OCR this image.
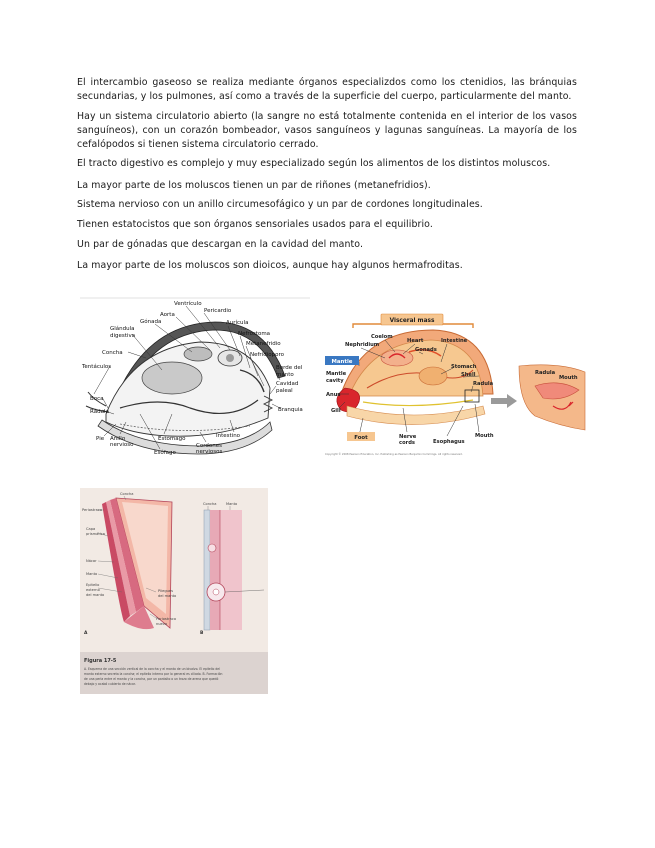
El intercambio gaseoso se realiza mediante órganos especializdos como los ctenidios, las bránquias secundarias, y los pulmones, así como a través de la superficie del cuerpo, particularmente del manto.

Hay un sistema circulatorio abierto (la sangre no está totalmente contenida en el interior de los vasos sanguíneos), con un corazón bombeador, vasos sanguíneos y lagunas sanguíneas. La mayoría de los cefalópodos si tienen sistema circulatorio cerrado.

El tracto digestivo es complejo y muy especializado según los alimentos de los distintos moluscos.

La mayor parte de los moluscos tienen un par de riñones (metanefridios).

Sistema nervioso con un anillo circumesofágico y un par de cordones longitudinales.

Tienen estatocistos que son órganos sensoriales usados para el equilibrio.

Un par de gónadas que descargan en la cavidad del manto.

La mayor parte de los moluscos son dioicos, aunque hay algunos hermafroditas.

Ventrículo
Aorta
Pericardio
Gónada	Aurícula
Glándula
digestiva	Nefrostoma
Metanefridio
Concha	Nefridioporo
Tentáculos	Borde del
manto
Cavidad
paleal
Boca
Branquia
Rádula
Intestino
Pie Anillo
nervioso
Estómago
Cordones
nerviosos
Esófago
Visceral mass
Radula
Mouth
Coelom
Nephridium
Heart	Intestine
Gonads
Stomach
Shell
Radula
Mantle
cavity
Anus
Gill
Mantle
Foot	Nerve
cords	Esophagus
Mouth
Copyright © 2008 Pearson Education, Inc. Publishing as Pearson Benjamin Cummings. All rights reserved.
Concha
Concha	Manto
Periostraco
Capa
prismática
Nácar
Manto
Epitelio
externo
del manto
Pliegues
del manto
Periostraco
nuevo
A	B
Figura 17-5
A. Esquema de una sección vertical de la concha y el manto de un bivalvo. El epitelio del
manto externo secreta la concha; el epitelio interno por lo general es ciliado. B. Formación
de una perla entre el manto y la concha, por un parásito o un trozo de arena que quedó
debajo y acabó cubierto de nácar.
